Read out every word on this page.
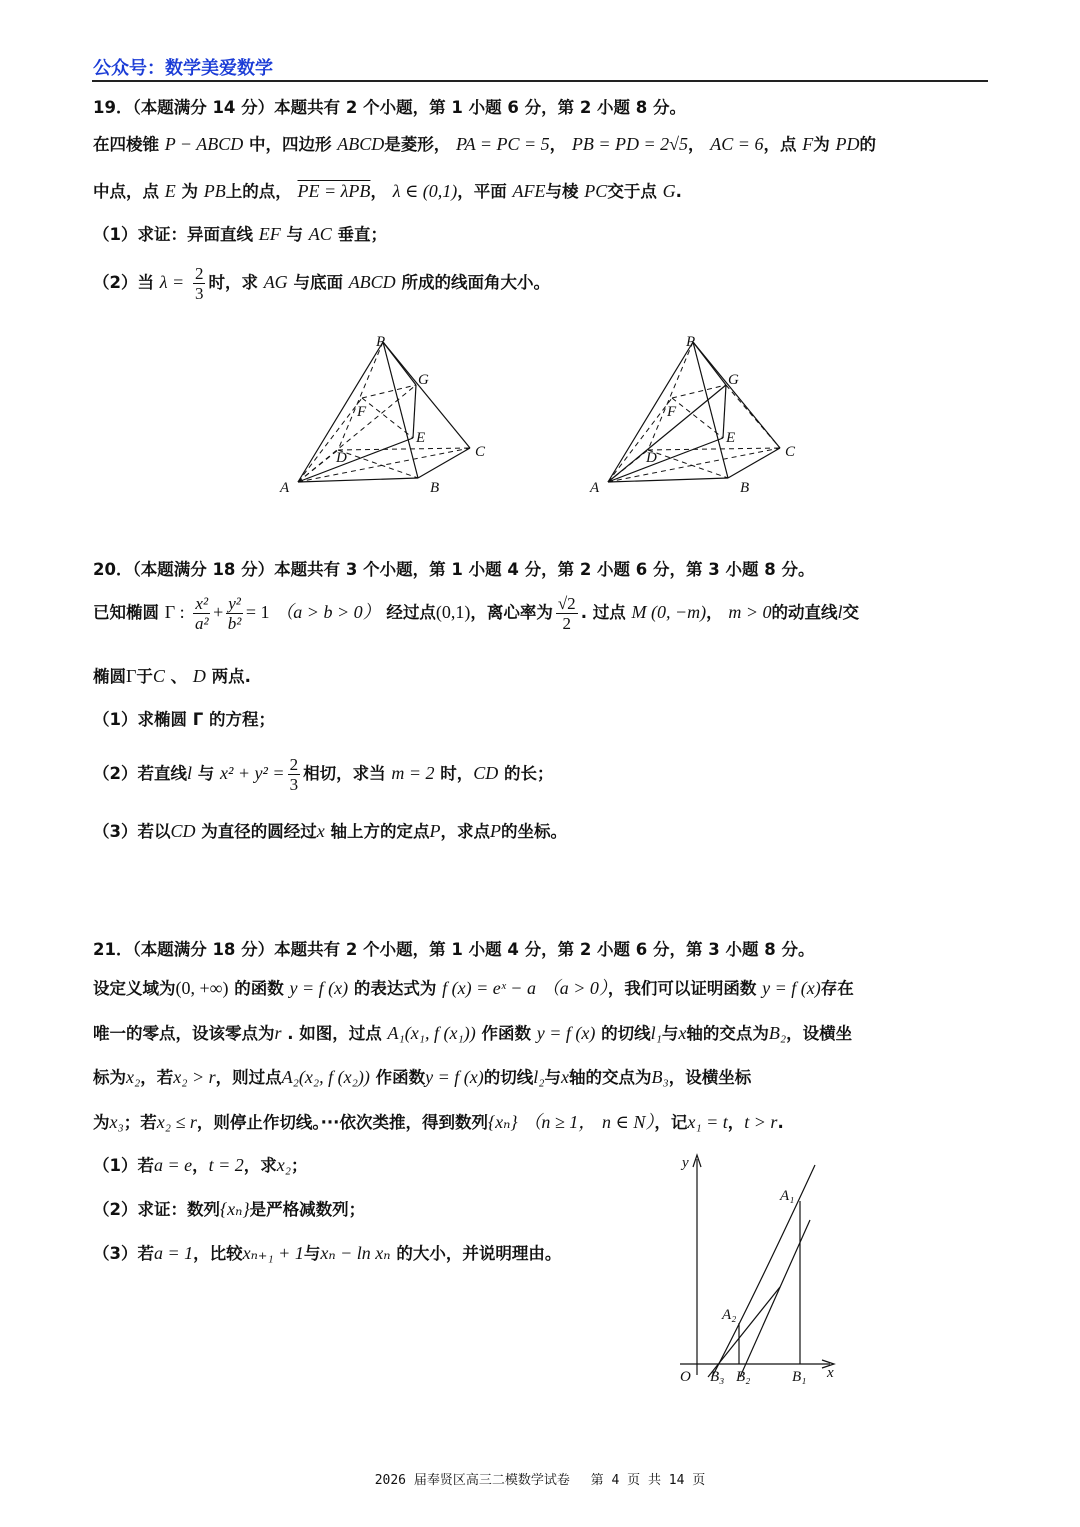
公众号：数学美爱数学
19．（本题满分 14 分）本题共有 2 个小题，第 1 小题 6 分，第 2 小题 8 分。
在四棱锥 P − ABCD 中，四边形 ABCD是菱形， PA = PC = 5， PB = PD = 2√5， AC = 6，点 F为 PD的
中点，点 E 为 PB上的点， PE = λPB， λ ∈ (0,1)，平面 AFE与棱 PC交于点 G.
（1）求证：异面直线 EF 与 AC 垂直；
（2）当 $\lambda = \frac{2}{3}$ 时，求 AG 与底面 ABCD 所成的线面角大小。
P
G
F
E
D	C
A	B
P
G
F
E
D	C
A	B
20．（本题满分 18 分）本题共有 3 个小题，第 1 小题 4 分，第 2 小题 6 分，第 3 小题 8 分。
已知椭圆 Γ : $\frac{\text{x²}}{\text{a²}} + \frac{\text{y²}}{\text{b²}} = 1$ （a > b > 0） 经过点(0,1)，离心率为 $\frac{√2}{2}$ . 过点 M (0, −m)， m > 0的动直线l交
椭圆Γ于C 、 D 两点.
（1）求椭圆 Γ 的方程；
（2）若直线l 与 $x^2 + y^2 = \frac{2}{3}$ 相切，求当 m = 2 时，CD 的长；
（3）若以CD 为直径的圆经过x 轴上方的定点P，求点P的坐标。
21．（本题满分 18 分）本题共有 2 个小题，第 1 小题 4 分，第 2 小题 6 分，第 3 小题 8 分。
设定义域为(0, +∞) 的函数 y = f (x) 的表达式为 f (x) = eˣ − a （a > 0），我们可以证明函数 y = f (x)存在
唯一的零点，设该零点为r . 如图，过点 A₁(x₁, f (x₁)) 作函数 y = f (x) 的切线l₁与x轴的交点为B₂，设横坐
标为x₂，若x₂ > r，则过点A₂(x₂, f (x₂)) 作函数y = f (x)的切线l₂与x轴的交点为B₃，设横坐标
为x₃；若x₂ ≤ r，则停止作切线。···依次类推，得到数列{xₙ} （n ≥ 1， n ∈ N），记x₁ = t，t > r.
（1）若a = e，t = 2，求x₂；
（2）求证：数列{xₙ}是严格减数列；
（3）若a = 1，比较xₙ₊₁ + 1与xₙ − ln xₙ 的大小，并说明理由。
y
x
O
A₁
A₂
B₃ B₂	B₁
2026 届奉贤区高三二模数学试卷　 第 4 页 共 14 页
